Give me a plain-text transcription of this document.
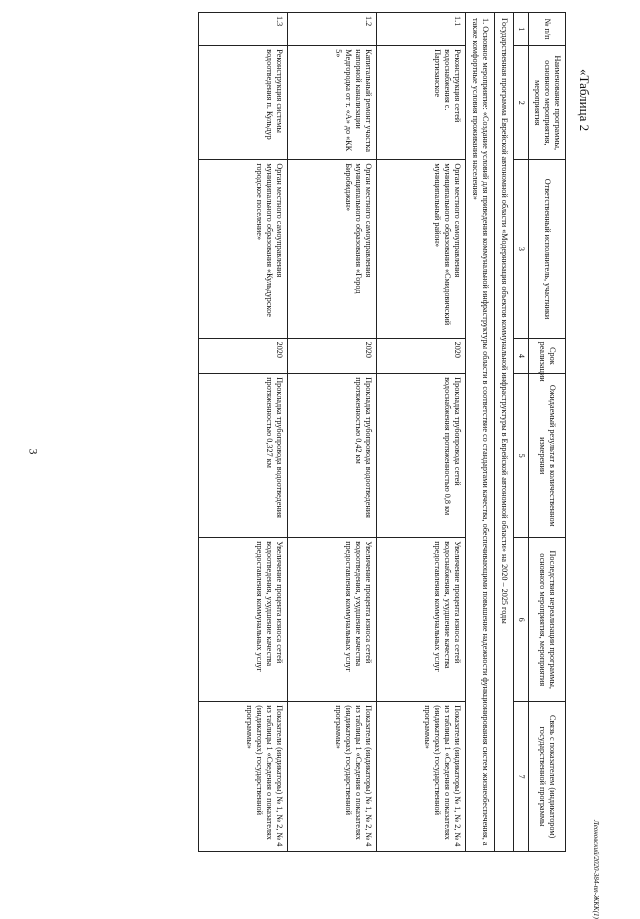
3
«Таблица 2
Леоновский/2020-384-пп-ЖКК(1)
№ п/п	Наименование программы, основного мероприятия, мероприятия	Ответственный исполнитель, участники	Срок реализации	Ожидаемый результат в количественном измерении	Последствия нереализации программы, основного мероприятия, мероприятия	Связь с показателем (индикатором) государственной программы
1	2	3	4	5	6	7
Государственная программа Еврейской автономной области «Модернизация объектов коммунальной инфраструктуры в Еврейской автономной области» на 2020 – 2025 годы						
1. Основное мероприятие: «Создание условий для приведения коммунальной инфраструктуры области в соответствие со стандартами качества, обеспечивающими повышение надежности функционирования систем жизнеобеспечения, а также комфортные условия проживания населения»						
1.1	Реконструкция сетей водоснабжения с. Партизанское	Орган местного самоуправления муниципального образования «Смидовичский муниципальный район»	2020	Прокладка трубопровода сетей водоснабжения протяженностью 0,8 км	Увеличение процента износа сетей водоснабжения, ухудшение качества предоставления коммунальных услуг	Показатели (индикаторы) № 1, № 2, № 4 из таблицы 1 «Сведения о показателях (индикаторах) государственной программы»
1.2	Капитальный ремонт участка напорной канализации Медгородка от т. «А» до «КК 5»	Орган местного самоуправления муниципального образования «Город Биробиджан»	2020	Прокладка трубопровода водоотведения протяженностью 0,42 км	Увеличение процента износа сетей водоотведения, ухудшение качества предоставления коммунальных услуг	Показатели (индикаторы) № 1, № 2, № 4 из таблицы 1 «Сведения о показателях (индикаторах) государственной программы»
1.3	Реконструкция системы водоотведения п. Кульдур	Орган местного самоуправления муниципального образования «Кульдурское городское поселение»	2020	Прокладка трубопровода водоотведения протяженностью 0,327 км	Увеличение процента износа сетей водоотведения, ухудшение качества предоставления коммунальных услуг	Показатели (индикаторы) № 1, № 2, № 4 из таблицы 1 «Сведения о показателях (индикаторах) государственной программы»
